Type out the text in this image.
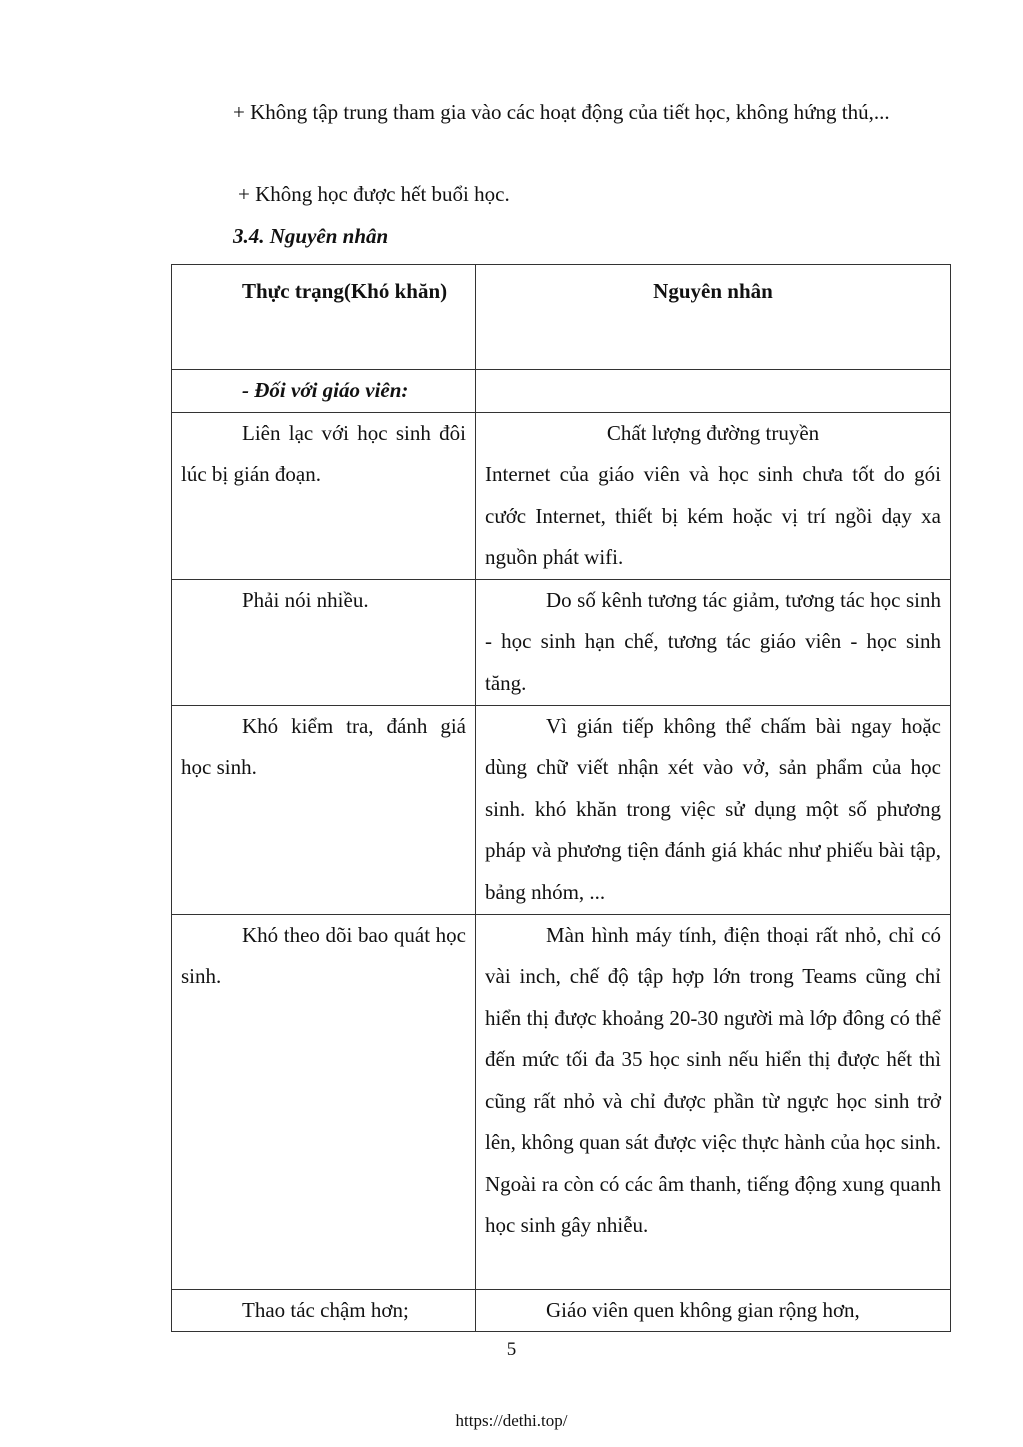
+ Không tập trung tham gia vào các hoạt động của tiết học, không hứng thú,...

+ Không học được hết buổi học.

3.4. Nguyên nhân

Thực trạng(Khó khăn)	Nguyên nhân
- Đối với giáo viên:	
Liên lạc với học sinh đôi lúc bị gián đoạn.	Chất lượng đường truyền
Internet của giáo viên và học sinh chưa tốt do gói cước Internet, thiết bị kém hoặc vị trí ngồi dạy xa nguồn phát wifi.
Phải nói nhiều.	Do số kênh tương tác giảm, tương tác học sinh - học sinh hạn chế, tương tác giáo viên - học sinh tăng.
Khó kiểm tra, đánh giá học sinh.	Vì gián tiếp không thể chấm bài ngay hoặc dùng chữ viết nhận xét vào vở, sản phẩm của học sinh. khó khăn trong việc sử dụng một số phương pháp và phương tiện đánh giá khác như phiếu bài tập, bảng nhóm, ...
Khó theo dõi bao quát học sinh.	Màn hình máy tính, điện thoại rất nhỏ, chỉ có vài inch, chế độ tập hợp lớn trong Teams cũng chỉ hiển thị được khoảng 20-30 người mà lớp đông có thể đến mức tối đa 35 học sinh nếu hiển thị được hết thì cũng rất nhỏ và chỉ được phần từ ngực học sinh trở lên, không quan sát được việc thực hành của học sinh. Ngoài ra còn có các âm thanh, tiếng động xung quanh học sinh gây nhiễu.
Thao tác chậm hơn;	Giáo viên quen không gian rộng hơn,
5
https://dethi.top/
